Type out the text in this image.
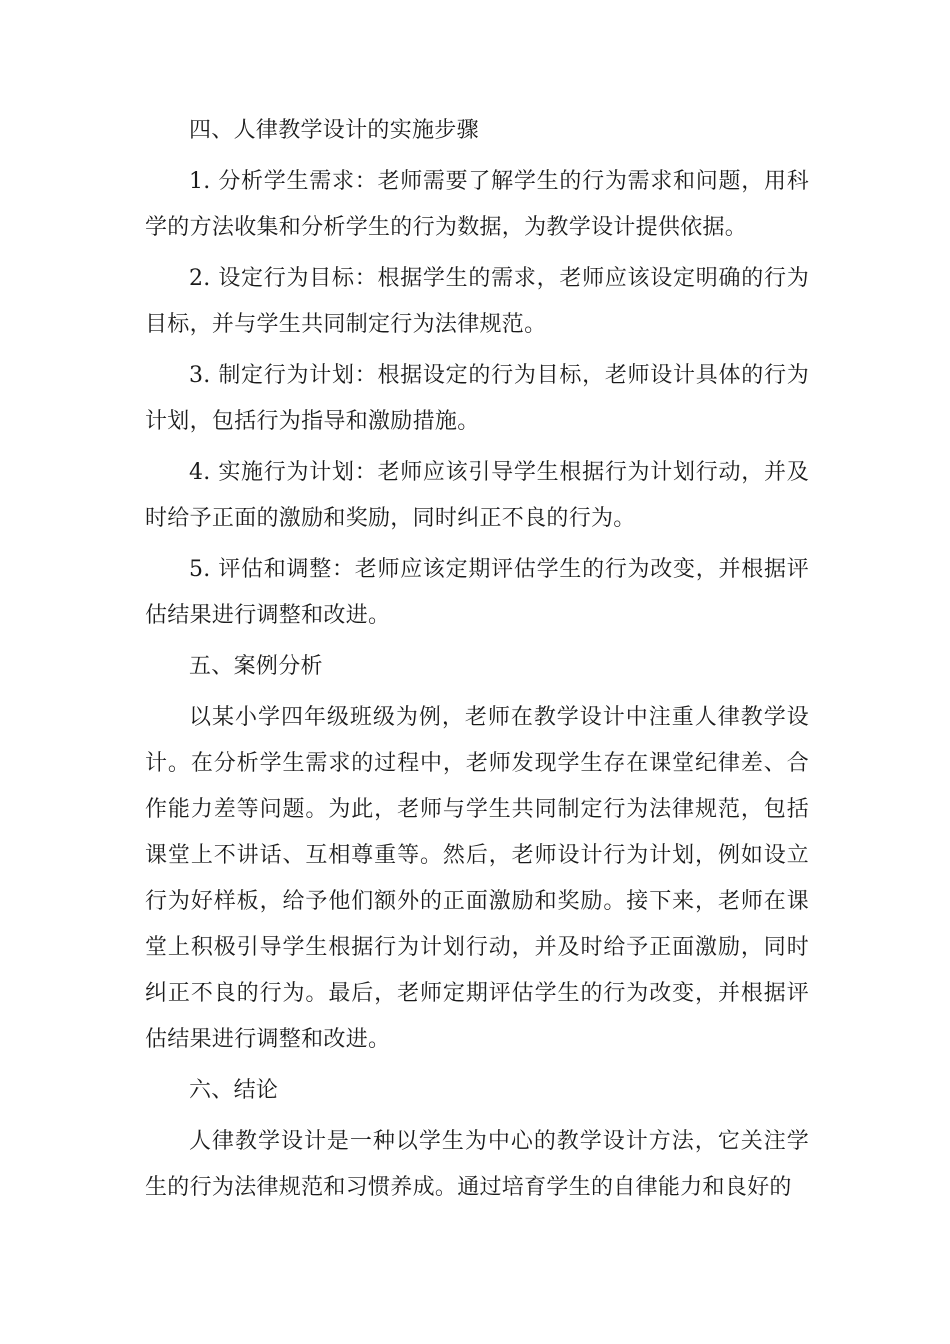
四、人律教学设计的实施步骤

1. 分析学生需求：老师需要了解学生的行为需求和问题，用科学的方法收集和分析学生的行为数据，为教学设计提供依据。

2. 设定行为目标：根据学生的需求，老师应该设定明确的行为目标，并与学生共同制定行为法律规范。

3. 制定行为计划：根据设定的行为目标，老师设计具体的行为计划，包括行为指导和激励措施。

4. 实施行为计划：老师应该引导学生根据行为计划行动，并及时给予正面的激励和奖励，同时纠正不良的行为。

5. 评估和调整：老师应该定期评估学生的行为改变，并根据评估结果进行调整和改进。

五、案例分析

以某小学四年级班级为例，老师在教学设计中注重人律教学设计。在分析学生需求的过程中，老师发现学生存在课堂纪律差、合作能力差等问题。为此，老师与学生共同制定行为法律规范，包括课堂上不讲话、互相尊重等。然后，老师设计行为计划，例如设立行为好样板，给予他们额外的正面激励和奖励。接下来，老师在课堂上积极引导学生根据行为计划行动，并及时给予正面激励，同时纠正不良的行为。最后，老师定期评估学生的行为改变，并根据评估结果进行调整和改进。

六、结论

人律教学设计是一种以学生为中心的教学设计方法，它关注学生的行为法律规范和习惯养成。通过培育学生的自律能力和良好的
